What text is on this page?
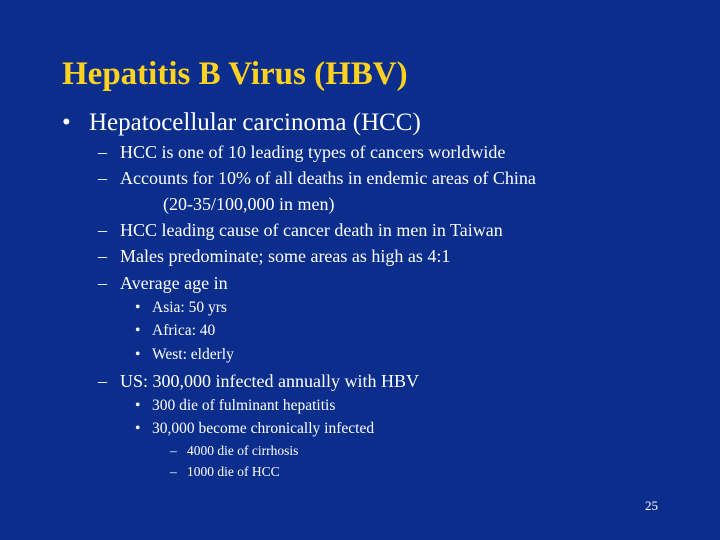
Hepatitis B Virus (HBV)
• Hepatocellular carcinoma (HCC)
– HCC is one of 10 leading types of cancers worldwide
– Accounts for 10% of all deaths in endemic areas of China
(20-35/100,000 in men)
– HCC leading cause of cancer death in men in Taiwan
– Males predominate; some areas as high as 4:1
– Average age in
• Asia: 50 yrs
• Africa: 40
• West: elderly
– US: 300,000 infected annually with HBV
• 300 die of fulminant hepatitis
• 30,000 become chronically infected
– 4000 die of cirrhosis
– 1000 die of HCC
25
